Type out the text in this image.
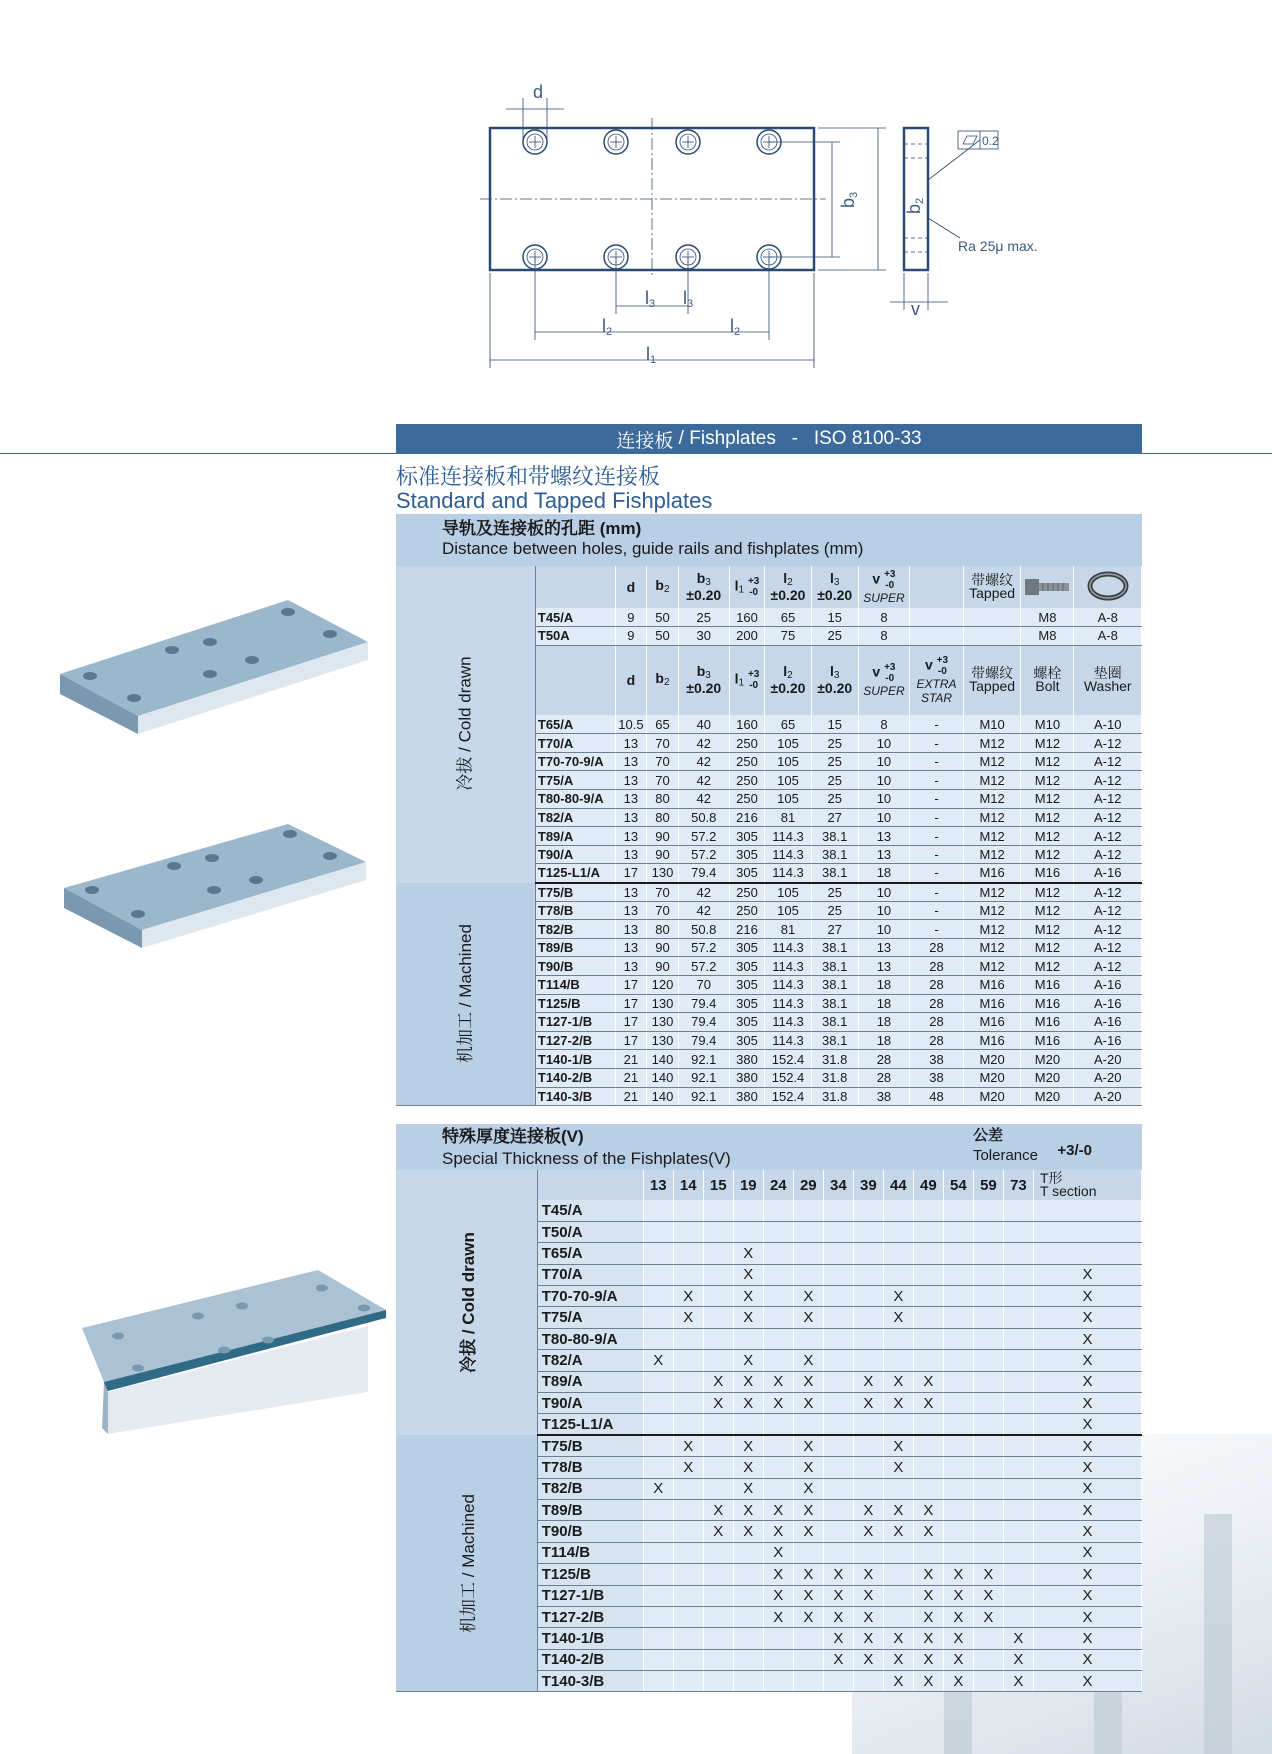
d
0.2
Ra 25μ max.
l1
l2	l2
l3 l3
b3
b2
v
连接板 / Fishplates - ISO 8100-33
标准连接板和带螺纹连接板
Standard and Tapped Fishplates
导轨及连接板的孔距 (mm)
Distance between holes, guide rails and fishplates (mm)
冷拔 / Cold drawn		d	$b_2$	$b_3 \pm 0.20$	$l_1 +3$
-0	$l_2 \pm 0.20$	$l_3 \pm 0.20$	v +3
-0
SUPER		带螺纹
Tapped		
	T45/A	9	50	25	160	65	15	8			M8	A-8
	T50A	9	50	30	200	75	25	8			M8	A-8
		d	$b_2$	$b_3 \pm 0.20$	$l_1 +3$
-0	$l_2 \pm 0.20$	$l_3 \pm 0.20$	v +3
-0
SUPER	v +3
-0
EXTRA
STAR	带螺纹
Tapped	螺栓
Bolt	垫圈
Washer
	T65/A	10.5	65	40	160	65	15	8	-	M10	M10	A-10
	T70/A	13	70	42	250	105	25	10	-	M12	M12	A-12
	T70-70-9/A	13	70	42	250	105	25	10	-	M12	M12	A-12
	T75/A	13	70	42	250	105	25	10	-	M12	M12	A-12
	T80-80-9/A	13	80	42	250	105	25	10	-	M12	M12	A-12
	T82/A	13	80	50.8	216	81	27	10	-	M12	M12	A-12
	T89/A	13	90	57.2	305	114.3	38.1	13	-	M12	M12	A-12
	T90/A	13	90	57.2	305	114.3	38.1	13	-	M12	M12	A-12
	T125-L1/A	17	130	79.4	305	114.3	38.1	18	-	M16	M16	A-16
机加工 / Machined	T75/B	13	70	42	250	105	25	10	-	M12	M12	A-12
	T78/B	13	70	42	250	105	25	10	-	M12	M12	A-12
	T82/B	13	80	50.8	216	81	27	10	-	M12	M12	A-12
	T89/B	13	90	57.2	305	114.3	38.1	13	28	M12	M12	A-12
	T90/B	13	90	57.2	305	114.3	38.1	13	28	M12	M12	A-12
	T114/B	17	120	70	305	114.3	38.1	18	28	M16	M16	A-16
	T125/B	17	130	79.4	305	114.3	38.1	18	28	M16	M16	A-16
	T127-1/B	17	130	79.4	305	114.3	38.1	18	28	M16	M16	A-16
	T127-2/B	17	130	79.4	305	114.3	38.1	18	28	M16	M16	A-16
	T140-1/B	21	140	92.1	380	152.4	31.8	28	38	M20	M20	A-20
	T140-2/B	21	140	92.1	380	152.4	31.8	28	38	M20	M20	A-20
	T140-3/B	21	140	92.1	380	152.4	31.8	38	48	M20	M20	A-20
特殊厚度连接板(V)
Special Thickness of the Fishplates(V)
公差
Tolerance +3/-0
冷拔 / Cold drawn		13	14	15	19	24	29	34	39	44	49	54	59	73	T形
T section
	T45/A														
	T50/A														
	T65/A				X										
	T70/A				X										X
	T70-70-9/A		X		X		X			X					X
	T75/A		X		X		X			X					X
	T80-80-9/A														X
	T82/A	X			X		X								X
	T89/A			X	X	X	X		X	X	X				X
	T90/A			X	X	X	X		X	X	X				X
	T125-L1/A														X
机加工 / Machined	T75/B		X		X		X			X					X
	T78/B		X		X		X			X					X
	T82/B	X			X		X								X
	T89/B			X	X	X	X		X	X	X				X
	T90/B			X	X	X	X		X	X	X				X
	T114/B					X									X
	T125/B					X	X	X	X		X	X	X		X
	T127-1/B					X	X	X	X		X	X	X		X
	T127-2/B					X	X	X	X		X	X	X		X
	T140-1/B							X	X	X	X	X		X	X
	T140-2/B							X	X	X	X	X		X	X
	T140-3/B									X	X	X		X	X
